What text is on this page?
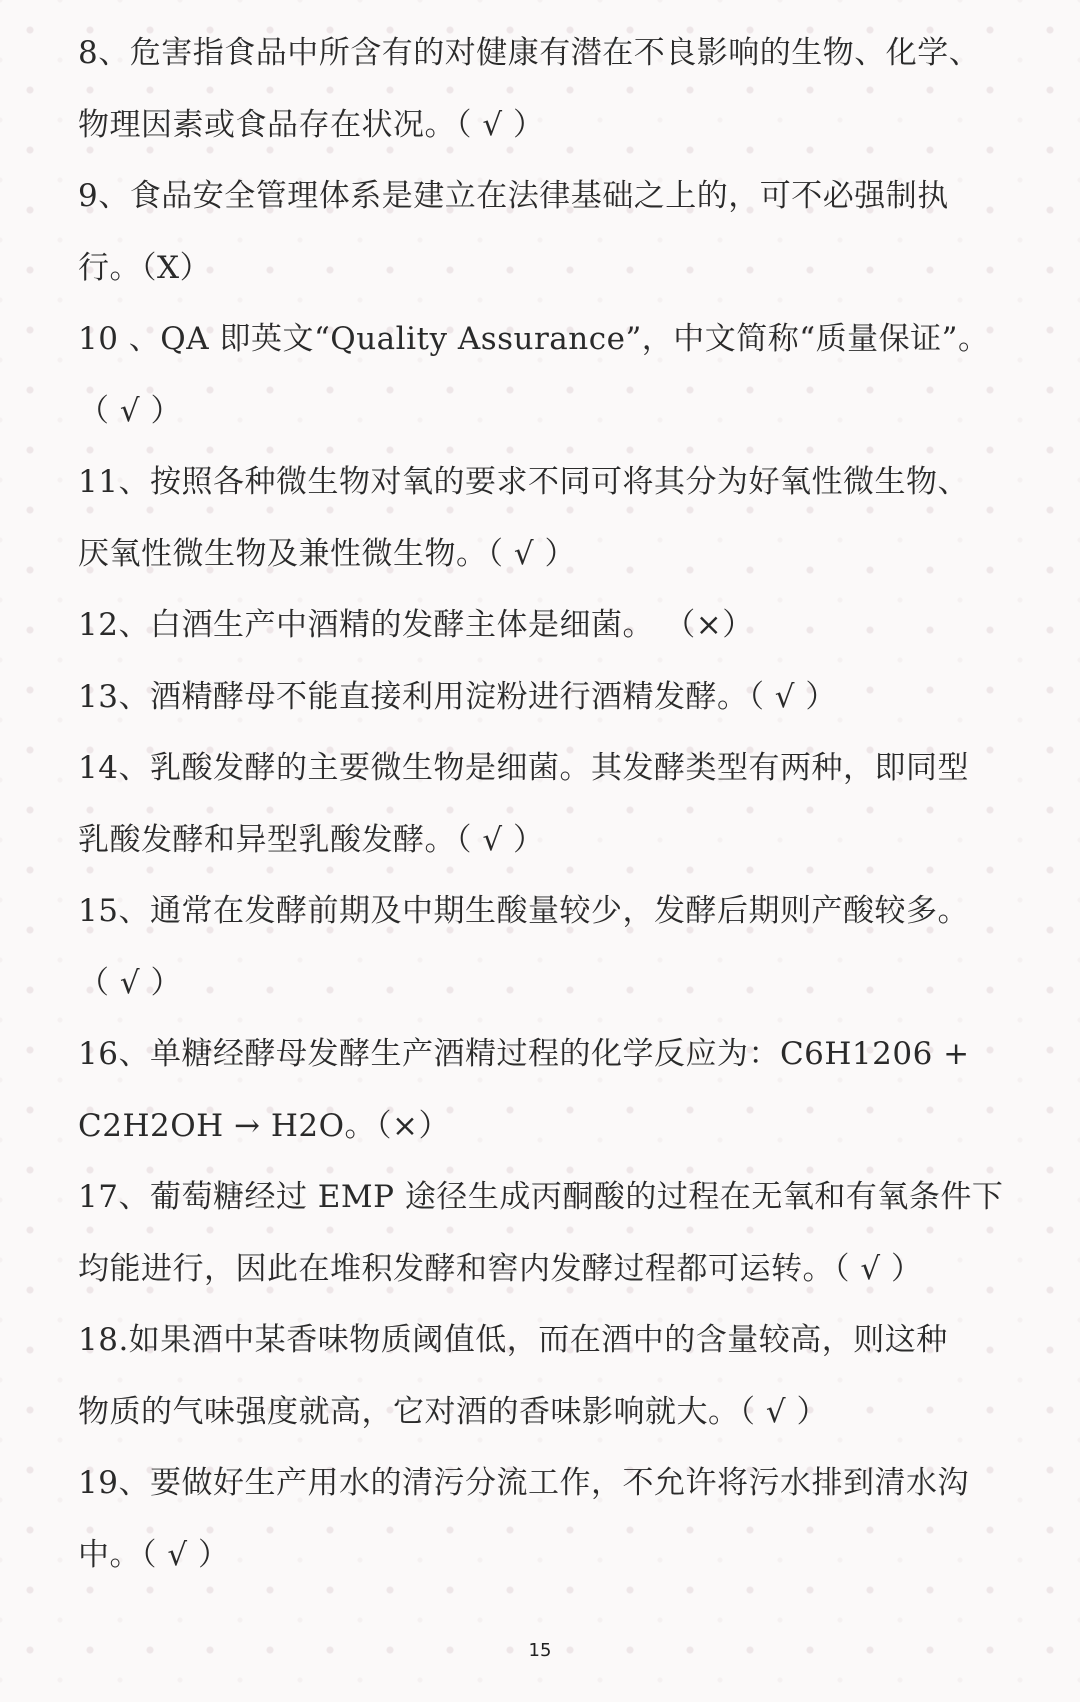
8、危害指食品中所含有的对健康有潜在不良影响的生物、化学、
物理因素或食品存在状况。（ √ ）
9、食品安全管理体系是建立在法律基础之上的，可不必强制执
行。（X）
10 、QA 即英文“Quality Assurance”，中文简称“质量保证”。
（ √ ）
11、按照各种微生物对氧的要求不同可将其分为好氧性微生物、
厌氧性微生物及兼性微生物。（ √ ）
12、白酒生产中酒精的发酵主体是细菌。 （×）
13、酒精酵母不能直接利用淀粉进行酒精发酵。（ √ ）
14、乳酸发酵的主要微生物是细菌。其发酵类型有两种，即同型
乳酸发酵和异型乳酸发酵。（ √ ）
15、通常在发酵前期及中期生酸量较少，发酵后期则产酸较多。
（ √ ）
16、单糖经酵母发酵生产酒精过程的化学反应为：C6H1206 +
C2H2OH → H2O。（×）
17、葡萄糖经过 EMP 途径生成丙酮酸的过程在无氧和有氧条件下
均能进行，因此在堆积发酵和窖内发酵过程都可运转。（ √ ）
18.如果酒中某香味物质阈值低，而在酒中的含量较高，则这种
物质的气味强度就高，它对酒的香味影响就大。（ √ ）
19、要做好生产用水的清污分流工作，不允许将污水排到清水沟
中。（ √ ）
15
